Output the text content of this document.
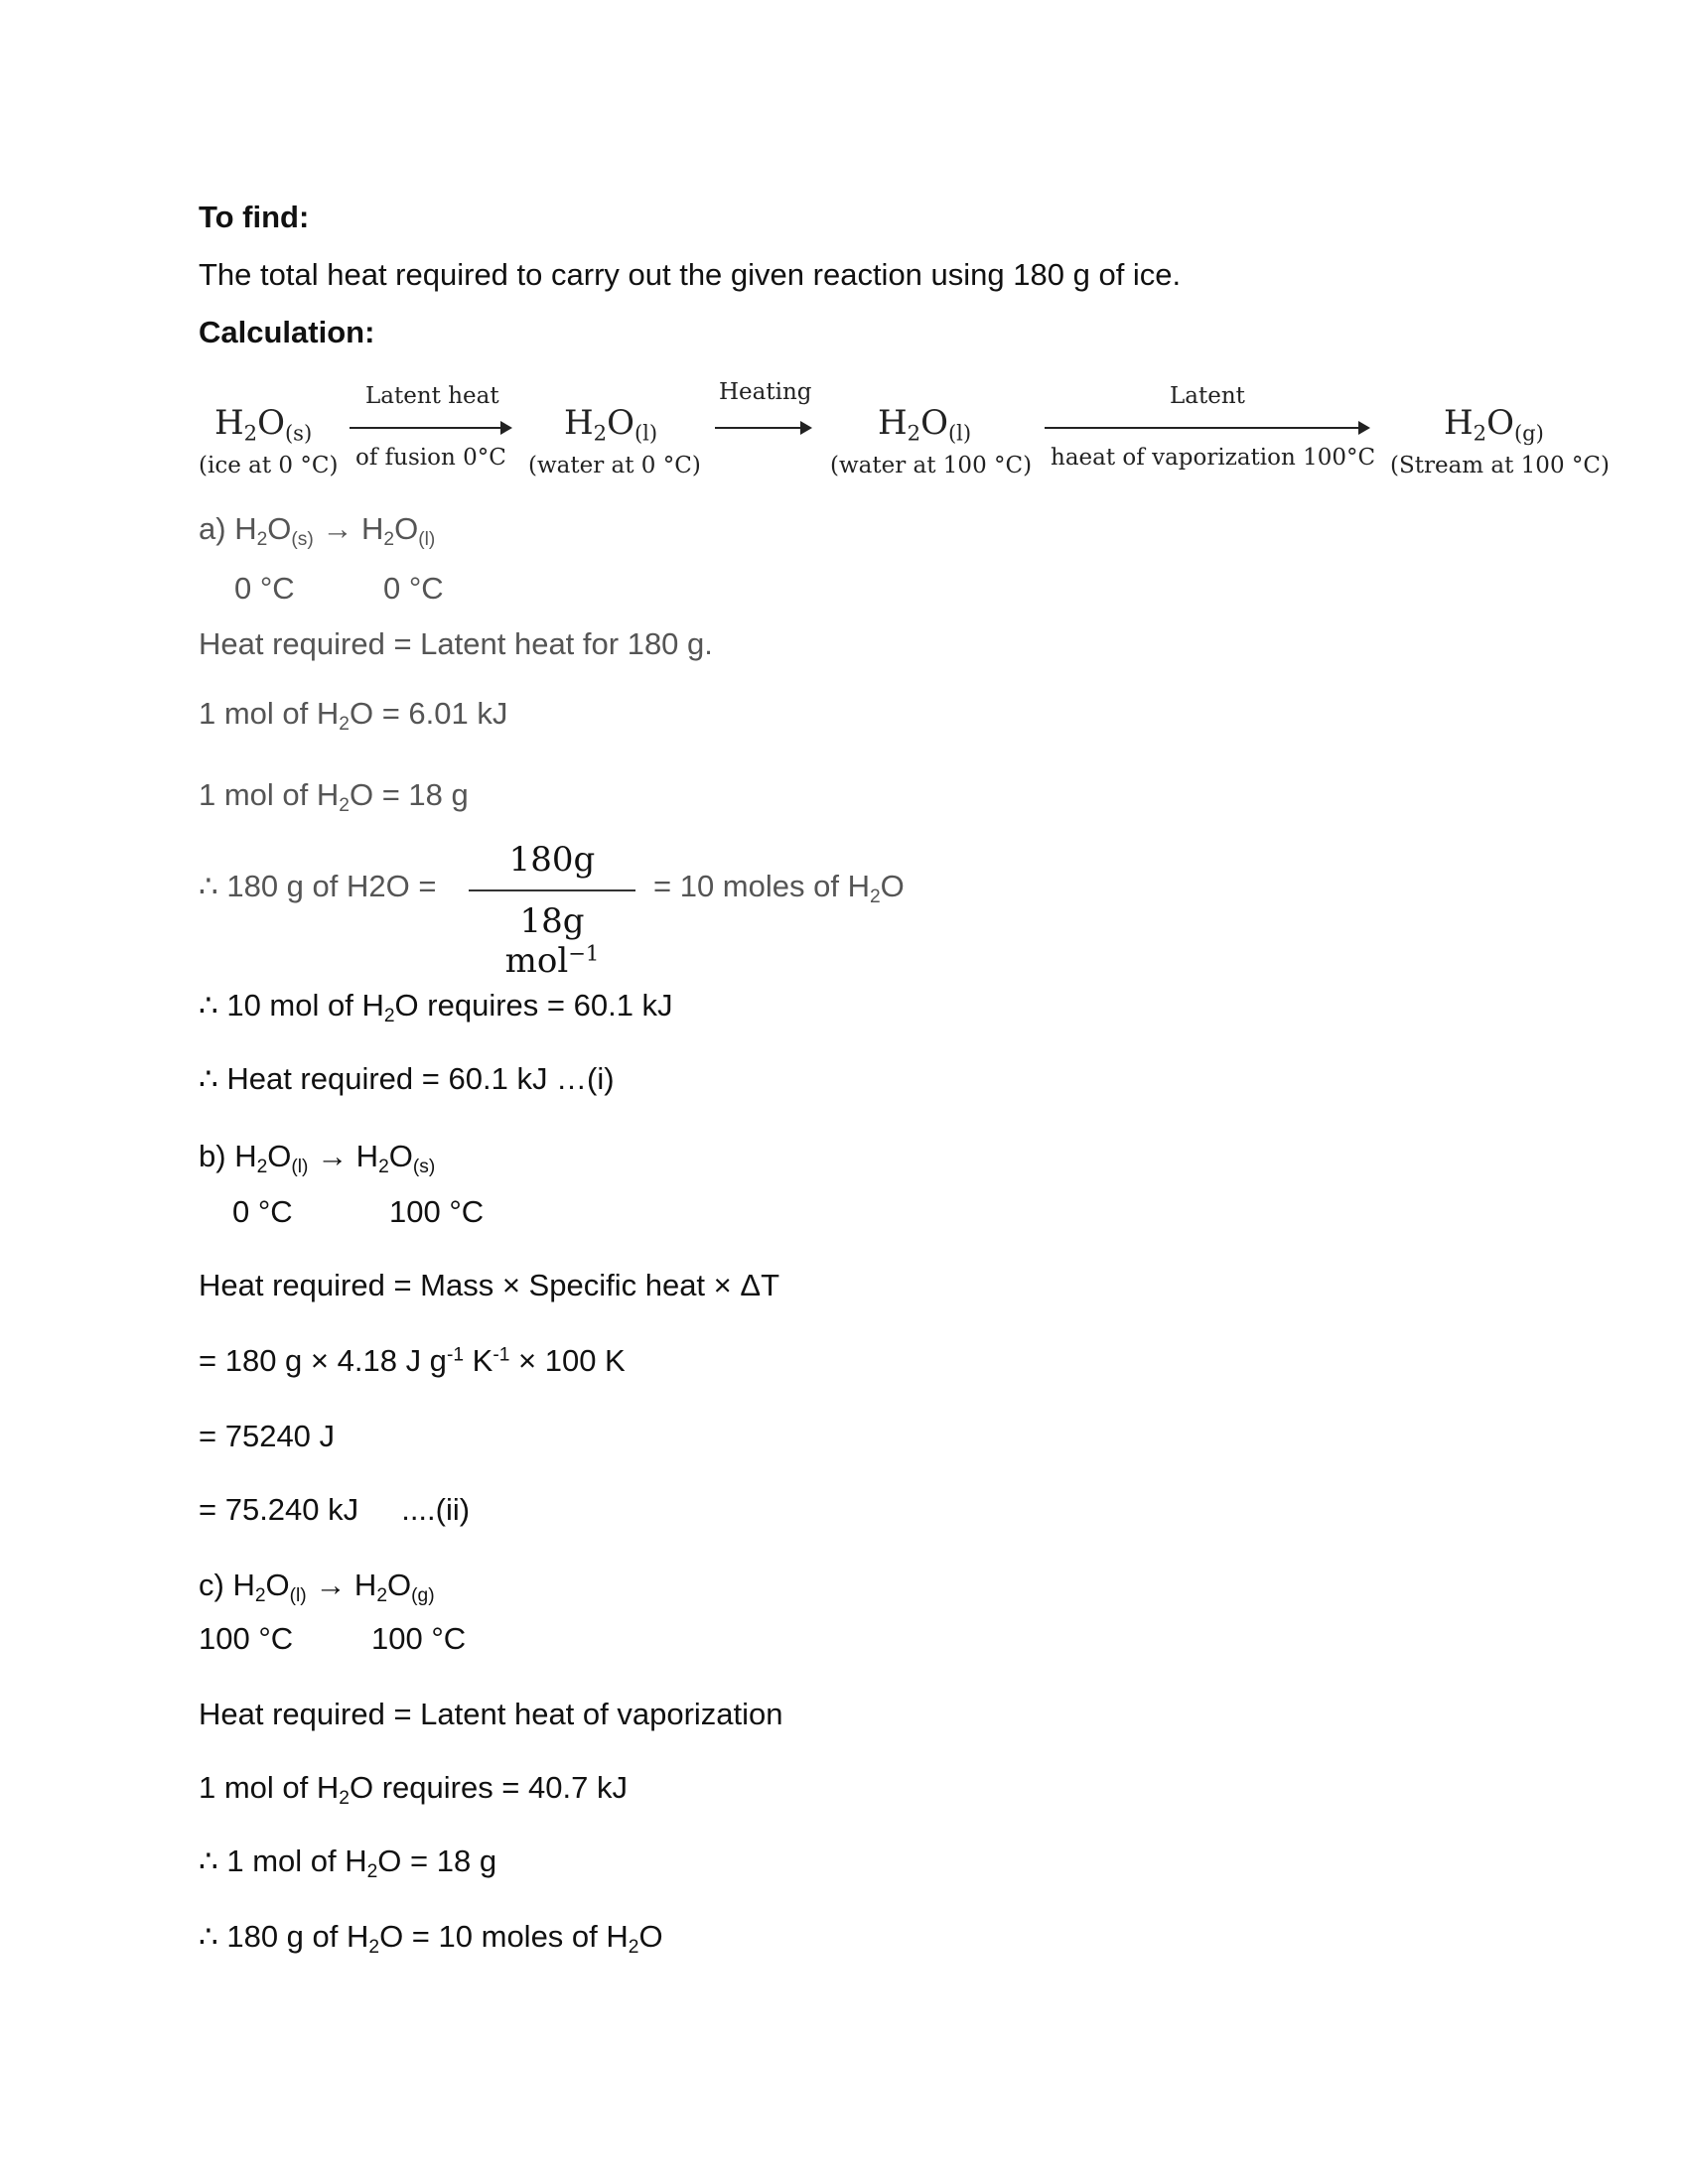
To find:
The total heat required to carry out the given reaction using 180 g of ice.
Calculation:
$H_2O_{(s)}$
(ice at 0 °C)
Latent heat
of fusion 0°C
$H_2O_{(l)}$
(water at 0 °C)
Heating
$H_2O_{(l)}$
(water at 100 °C)
Latent
haeat of vaporization 100°C
$H_2O_{(g)}$
(Stream at 100 °C)
a) $H_2O_{(s)} \to H_2O_{(l)}$
0 °C	0 °C
Heat required = Latent heat for 180 g.
1 mol of $H_2O = 6.01$ kJ
1 mol of $H_2O = 18$ g
∴ 180 g of H2O =
180g
18g mol$^{-1}$
= 10 moles of $H_2O$
∴ 10 mol of $H_2O$ requires = 60.1 kJ
∴ Heat required = 60.1 kJ …(i)
b) $H_2O_{(l)} \to H_2O_{(s)}$
0 °C	100 °C
Heat required = Mass × Specific heat × ΔT
= 180 g × 4.18 J $g^{-1}$ $K^{-1} \times 100$ K
= 75240 J
= 75.240 kJ     ....(ii)
c) $H_2O_{(l)} \to H_2O_{(g)}$
100 °C	100 °C
Heat required = Latent heat of vaporization
1 mol of $H_2O$ requires = 40.7 kJ
∴ 1 mol of $H_2O = 18$ g
∴ 180 g of $H_2O = 10$ moles of $H_2O$
